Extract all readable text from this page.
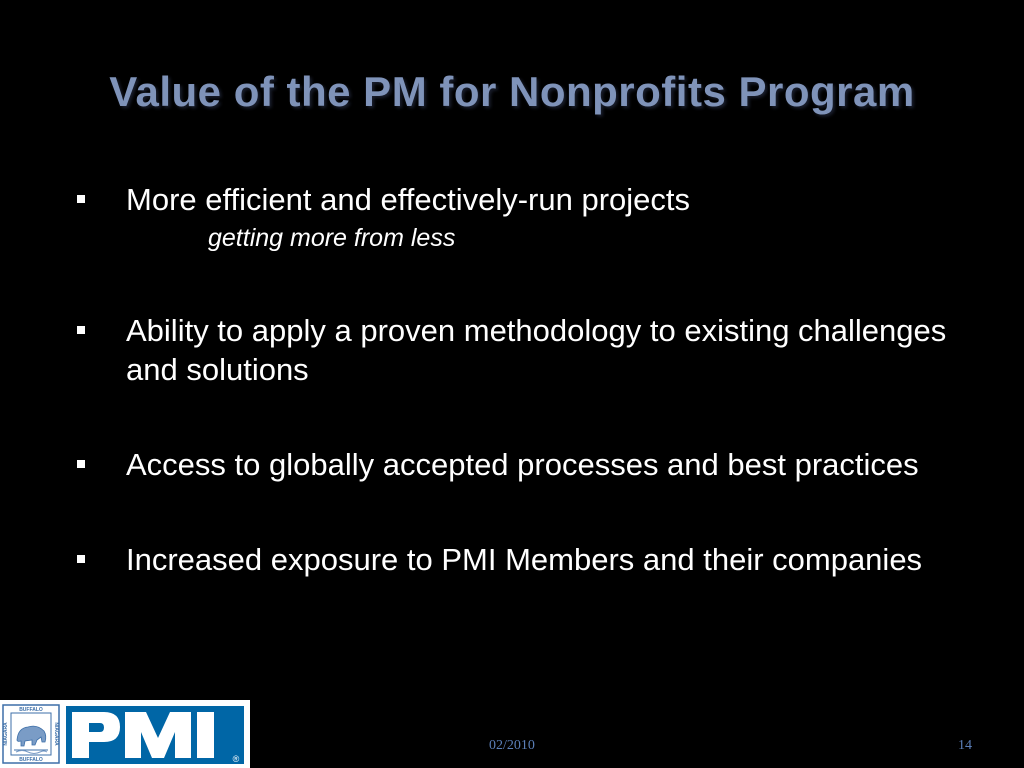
Value of the PM for Nonprofits Program
More efficient and effectively-run projects
getting more from less
Ability to apply a proven methodology to existing challenges and solutions
Access to globally accepted processes and best practices
Increased exposure to PMI Members and their companies
BUFFALO
BUFFALO
NIAGARA	NIAGARA
®
02/2010	14
